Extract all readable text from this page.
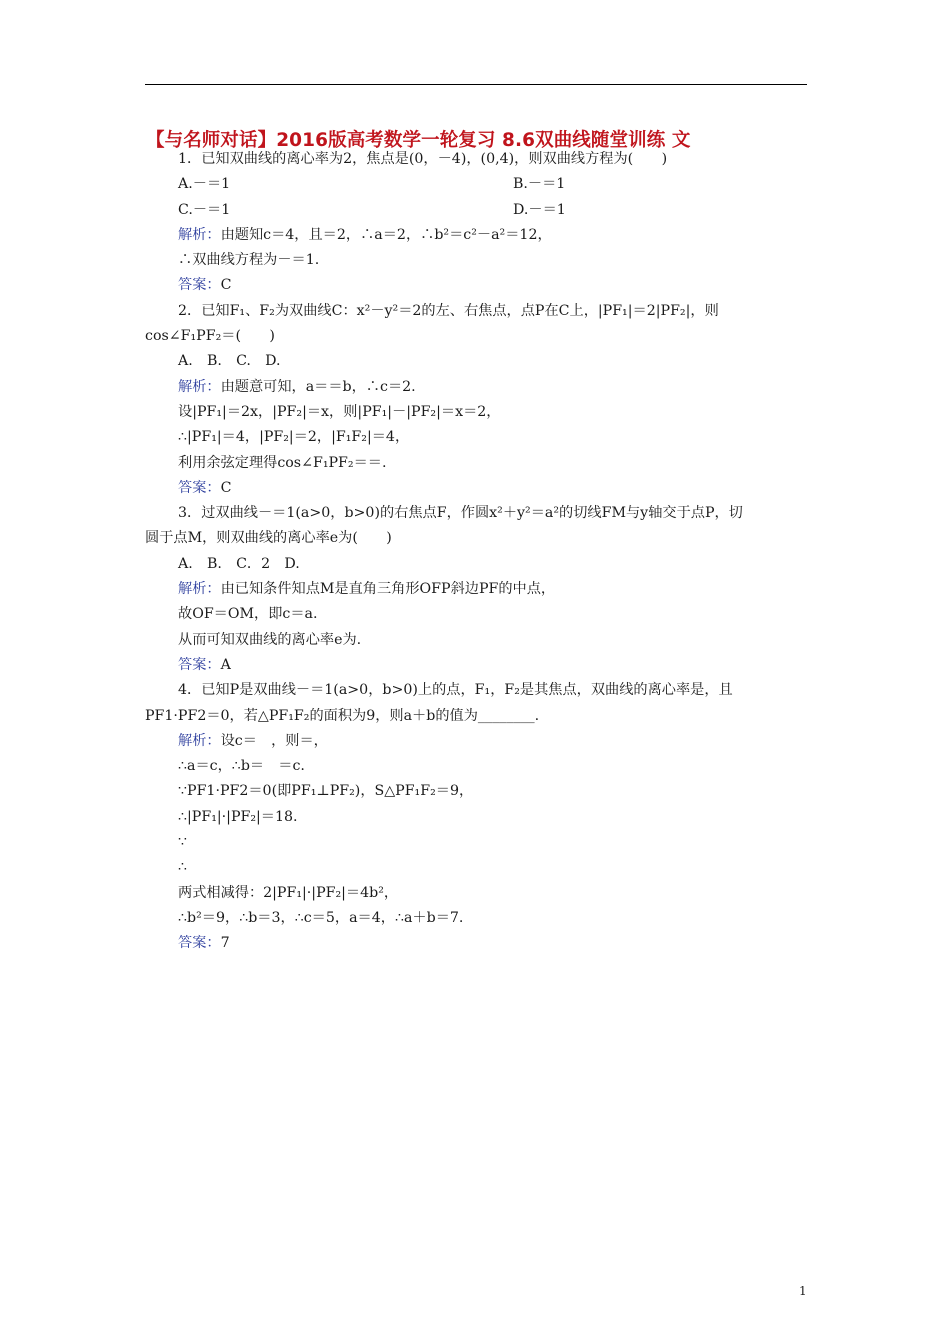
【与名师对话】2016版高考数学一轮复习 8.6双曲线随堂训练 文
1．已知双曲线的离心率为2，焦点是(0，－4)，(0,4)，则双曲线方程为(　　)
A.－＝1	B.－＝1
C.－＝1	D.－＝1
解析：由题知c＝4，且＝2，∴a＝2，∴b²＝c²－a²＝12，
∴双曲线方程为－＝1.
答案：C
2．已知F₁、F₂为双曲线C：x²－y²＝2的左、右焦点，点P在C上，|PF₁|＝2|PF₂|，则
cos∠F₁PF₂＝(　　)
A.　B.　C.　D.
解析：由题意可知，a＝＝b，∴c＝2.
设|PF₁|＝2x，|PF₂|＝x，则|PF₁|－|PF₂|＝x＝2，
∴|PF₁|＝4，|PF₂|＝2，|F₁F₂|＝4，
利用余弦定理得cos∠F₁PF₂＝＝.
答案：C
3．过双曲线－＝1(a>0，b>0)的右焦点F，作圆x²＋y²＝a²的切线FM与y轴交于点P，切
圆于点M，则双曲线的离心率e为(　　)
A.　B.　C．2　D.
解析：由已知条件知点M是直角三角形OFP斜边PF的中点，
故OF＝OM，即c＝a.
从而可知双曲线的离心率e为.
答案：A
4．已知P是双曲线－＝1(a>0，b>0)上的点，F₁，F₂是其焦点，双曲线的离心率是，且
PF1·PF2＝0，若△PF₁F₂的面积为9，则a＋b的值为________.
解析：设c＝　，则＝，
∴a＝c，∴b＝　＝c.
∵PF1·PF2＝0(即PF₁⊥PF₂)，S△PF₁F₂＝9，
∴|PF₁|·|PF₂|＝18.
∵
∴
两式相减得：2|PF₁|·|PF₂|＝4b²，
∴b²＝9，∴b＝3，∴c＝5，a＝4，∴a＋b＝7.
答案：7
1
